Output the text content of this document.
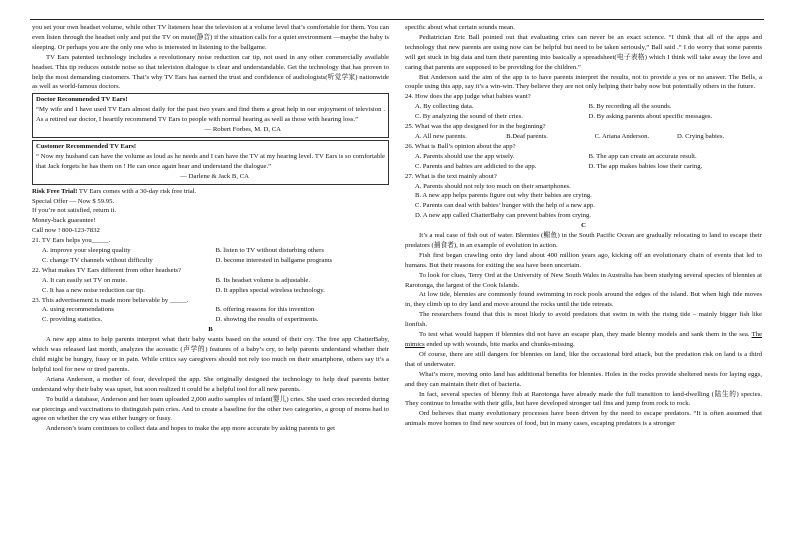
you set your own headset volume, while other TV listeners hear the television at a volume level that’s comfortable for them. You can even listen through the headset only and put the TV on mute(静音) if the situation calls for a quiet environment —maybe the baby is sleeping. Or perhaps you are the only one who is interested in listening to the ballgame.

TV Ears patented technology includes a revolutionary noise reduction car tip, not used in any other commercially available headset. This tip reduces outside noise so that television dialogue is clear and understandable. Get the technology that has proven to help the most demanding customers. That’s why TV Ears has earned the trust and confidence of audiologists(听觉学家) nationwide as well as world-famous doctors.

Doctor Recommended TV Ears!
“My wife and I have used TV Ears almost daily for the past two years and find them a great help in our enjoyment of television . As a retired ear doctor, I heartily recommend TV Ears to people with normal hearing as well as those with hearing loss.”
— Robert Forbes, M. D, CA
Customer Recommended TV Ears!
“ Now my husband can have the volume as loud as he needs and I can have the TV at my hearing level. TV Ears is so comfortable that Jack forgets he has them on ! He can once again hear and understand the dialogue.”
— Darlene & Jack B, CA
Risk Free Trial! TV Ears comes with a 30-day risk free trial.
Special Offer — Now $ 59.95.
If you’re not satisfied, return it.
Money-back guarantee!
Call now ! 800-123-7832
21. TV Ears helps you_____.
A. improve your sleeping quality	B. listen to TV without disturbing others
C. change TV channels without difficulty	D. become interested in ballgame programs
22. What makes TV Ears different from other headsets?
A. It can easily set TV on mute.	B. Its headset volume is adjustable.
C. It has a new noise reduction car tip.	D. It applies special wireless technology.
23. This advertisement is made more believable by _____.
A. using recommendations	B. offering reasons for this invention
C. providing statistics.	D. showing the results of experiments.
B

A new app aims to help parents interpret what their baby wants based on the sound of their cry. The free app ChatterBaby, which was released last month, analyzes the acoustic (声学的) features of a baby’s cry, to help parents understand whether their child might be hungry, fussy or in pain. While critics say caregivers should not rely too much on their smartphone, others say it’s a helpful tool for new or tired parents.

Ariana Anderson, a mother of four, developed the app. She originally designed the technology to help deaf parents better understand why their baby was upset, but soon realized it could be a helpful tool for all new parents.

To build a database, Anderson and her team uploaded 2,000 audio samples of infant(婴儿) cries. She used cries recorded during ear piercings and vaccinations to distinguish pain cries. And to create a baseline for the other two categories, a group of moms had to agree on whether the cry was either hungry or fussy.

Anderson’s team continues to collect data and hopes to make the app more accurate by asking parents to get

specific about what certain sounds mean.

Pediatrician Eric Ball pointed out that evaluating cries can never be an exact science. “I think that all of the apps and technology that new parents are using now can be helpful but need to be taken seriously,” Ball said .“ I do worry that some parents will get stuck in big data and turn their parenting into basically a spreadsheet(电子表格) which I think will take away the love and caring that parents are supposed to be providing for the children.”

But Anderson said the aim of the app is to have parents interpret the results, not to provide a yes or no answer. The Bells, a couple using this app, say it’s a win-win. They believe they are not only helping their baby now but potentially others in the future.

24. How does the app judge what babies want?
A. By collecting data.	B. By recording all the sounds.
C. By analyzing the sound of their cries.	D. By asking parents about specific messages.
25. What was the app designed for in the beginning?
A. All new parents.	B.Deaf parents.	C. Ariana Anderson.	D. Crying babies.
26. What is Ball’s opinion about the app?
A. Parents should use the app wisely.	B. The app can create an accurate result.
C. Parents and babies are addicted to the app.	D. The app makes babies lose their caring.
27. What is the text mainly about?
A. Parents should not rely too much on their smartphones.
B. A new app helps parents figure out why their babies are crying.
C. Parents can deal with babies’ hunger with the help of a new app.
D. A new app called ChatterBaby can prevent babies from crying.
C

It’s a real case of fish out of water. Blennies (鳚鱼) in the South Pacific Ocean are gradually relocating to land to escape their predators (捕食者), in an example of evolution in action.

Fish first began crawling onto dry land about 400 million years ago, kicking off an evolutionary chain of events that led to humans. But their reasons for exiting the sea have been uncertain.

To look for clues, Terry Ord at the University of New South Wales in Australia has been studying several species of blennies at Rarotonga, the largest of the Cook Islands.

At low tide, blennies are commonly found swimming in rock pools around the edges of the island. But when high tide moves in, they climb up to dry land and move around the rocks until the tide retreats.

The researchers found that this is most likely to avoid predators that swim in with the rising tide – mainly bigger fish like lionfish.

To test what would happen if blennies did not have an escape plan, they made blenny models and sank them in the sea. The mimics ended up with wounds, bite marks and chunks-missing.

Of course, there are still dangers for blennies on land, like the occasional bird attack, but the predation risk on land is a third that of underwater.

What’s more, moving onto land has additional benefits for blennies. Holes in the rocks provide sheltered nests for laying eggs, and they can maintain their diet of bacteria.

In fact, several species of blenny fish at Rarotonga have already made the full transition to land-dwelling (陆生的) species. They continue to breathe with their gills, but have developed stronger tail fins and jump from rock to rock.

Ord believes that many evolutionary processes have been driven by the need to escape predators. “It is often assumed that animals move homes to find new sources of food, but in many cases, escaping predators is a stronger
